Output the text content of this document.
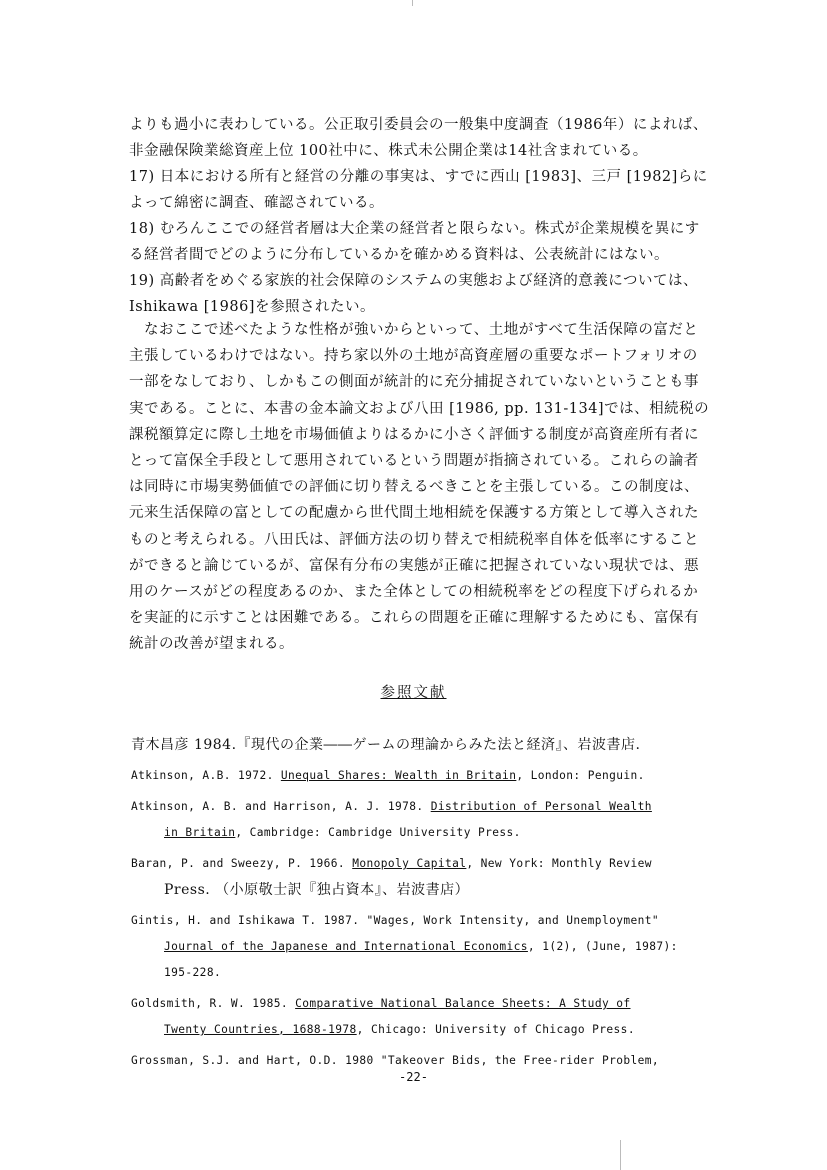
よりも過小に表わしている。公正取引委員会の一般集中度調査（1986年）によれば、

非金融保険業総資産上位 100社中に、株式未公開企業は14社含まれている。

17) 日本における所有と経営の分離の事実は、すでに西山 [1983]、三戸 [1982]らに

よって綿密に調査、確認されている。

18) むろんここでの経営者層は大企業の経営者と限らない。株式が企業規模を異にす

る経営者間でどのように分布しているかを確かめる資料は、公表統計にはない。

19) 高齢者をめぐる家族的社会保障のシステムの実態および経済的意義については、

Ishikawa [1986]を参照されたい。

なおここで述べたような性格が強いからといって、土地がすべて生活保障の富だと

主張しているわけではない。持ち家以外の土地が高資産層の重要なポートフォリオの

一部をなしており、しかもこの側面が統計的に充分捕捉されていないということも事

実である。ことに、本書の金本論文および八田 [1986, pp. 131-134]では、相続税の

課税額算定に際し土地を市場価値よりはるかに小さく評価する制度が高資産所有者に

とって富保全手段として悪用されているという問題が指摘されている。これらの論者

は同時に市場実勢価値での評価に切り替えるべきことを主張している。この制度は、

元来生活保障の富としての配慮から世代間土地相続を保護する方策として導入された

ものと考えられる。八田氏は、評価方法の切り替えで相続税率自体を低率にすること

ができると論じているが、富保有分布の実態が正確に把握されていない現状では、悪

用のケースがどの程度あるのか、また全体としての相続税率をどの程度下げられるか

を実証的に示すことは困難である。これらの問題を正確に理解するためにも、富保有

統計の改善が望まれる。

参照文献

青木昌彦 1984.『現代の企業――ゲームの理論からみた法と経済』、岩波書店.

Atkinson, A.B. 1972. Unequal Shares: Wealth in Britain, London: Penguin.

Atkinson, A. B. and Harrison, A. J. 1978. Distribution of Personal Wealth

in Britain, Cambridge: Cambridge University Press.

Baran, P. and Sweezy, P. 1966. Monopoly Capital, New York: Monthly Review

Press. （小原敬士訳『独占資本』、岩波書店）

Gintis, H. and Ishikawa T. 1987. "Wages, Work Intensity, and Unemployment"

Journal of the Japanese and International Economics, 1(2), (June, 1987):

195-228.

Goldsmith, R. W. 1985. Comparative National Balance Sheets: A Study of

Twenty Countries, 1688-1978, Chicago: University of Chicago Press.

Grossman, S.J. and Hart, O.D. 1980 "Takeover Bids, the Free-rider Problem,

-22-
